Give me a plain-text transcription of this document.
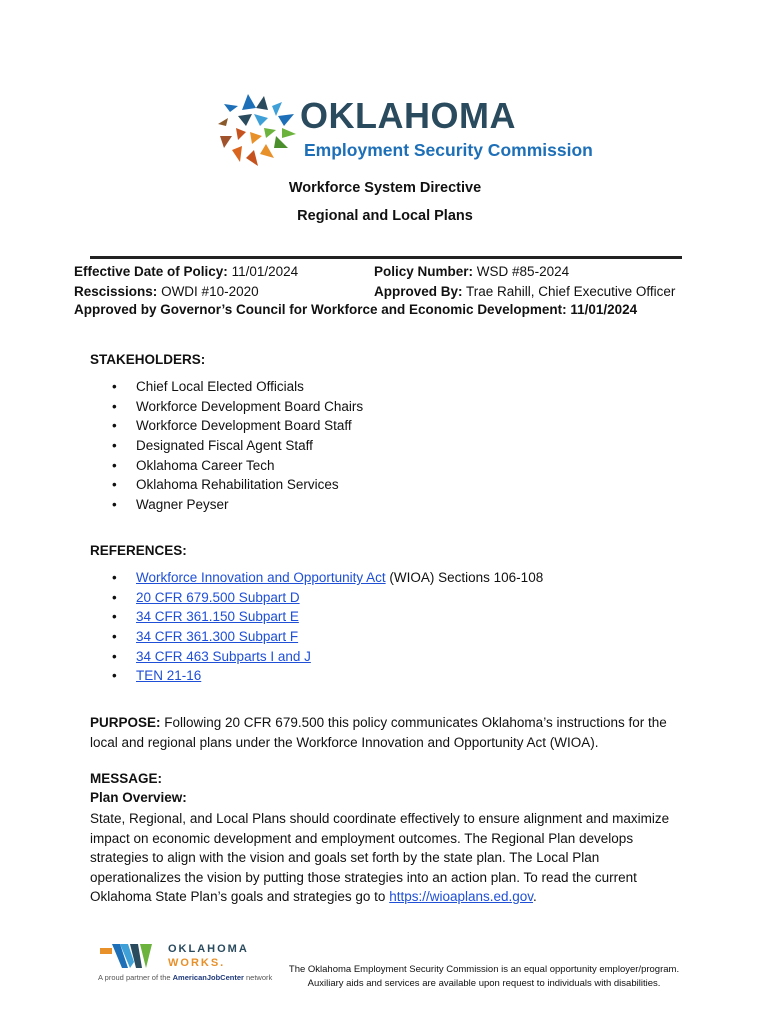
OKLAHOMA
Employment Security Commission
Workforce System Directive
Regional and Local Plans
Effective Date of Policy: 11/01/2024	Policy Number: WSD #85-2024
Rescissions: OWDI #10-2020	Approved By: Trae Rahill, Chief Executive Officer
Approved by Governor’s Council for Workforce and Economic Development: 11/01/2024
STAKEHOLDERS:
• Chief Local Elected Officials
• Workforce Development Board Chairs
• Workforce Development Board Staff
• Designated Fiscal Agent Staff
• Oklahoma Career Tech
• Oklahoma Rehabilitation Services
• Wagner Peyser
REFERENCES:
• Workforce Innovation and Opportunity Act (WIOA) Sections 106-108
• 20 CFR 679.500 Subpart D
• 34 CFR 361.150 Subpart E
• 34 CFR 361.300 Subpart F
• 34 CFR 463 Subparts I and J
• TEN 21-16
PURPOSE: Following 20 CFR 679.500 this policy communicates Oklahoma’s instructions for the local and regional plans under the Workforce Innovation and Opportunity Act (WIOA).
MESSAGE:
Plan Overview:
State, Regional, and Local Plans should coordinate effectively to ensure alignment and maximize impact on economic development and employment outcomes. The Regional Plan develops strategies to align with the vision and goals set forth by the state plan. The Local Plan operationalizes the vision by putting those strategies into an action plan. To read the current Oklahoma State Plan’s goals and strategies go to https://wioaplans.ed.gov.
OKLAHOMA
WORKS.
A proud partner of the AmericanJobCenter network
The Oklahoma Employment Security Commission is an equal opportunity employer/program.
Auxiliary aids and services are available upon request to individuals with disabilities.
